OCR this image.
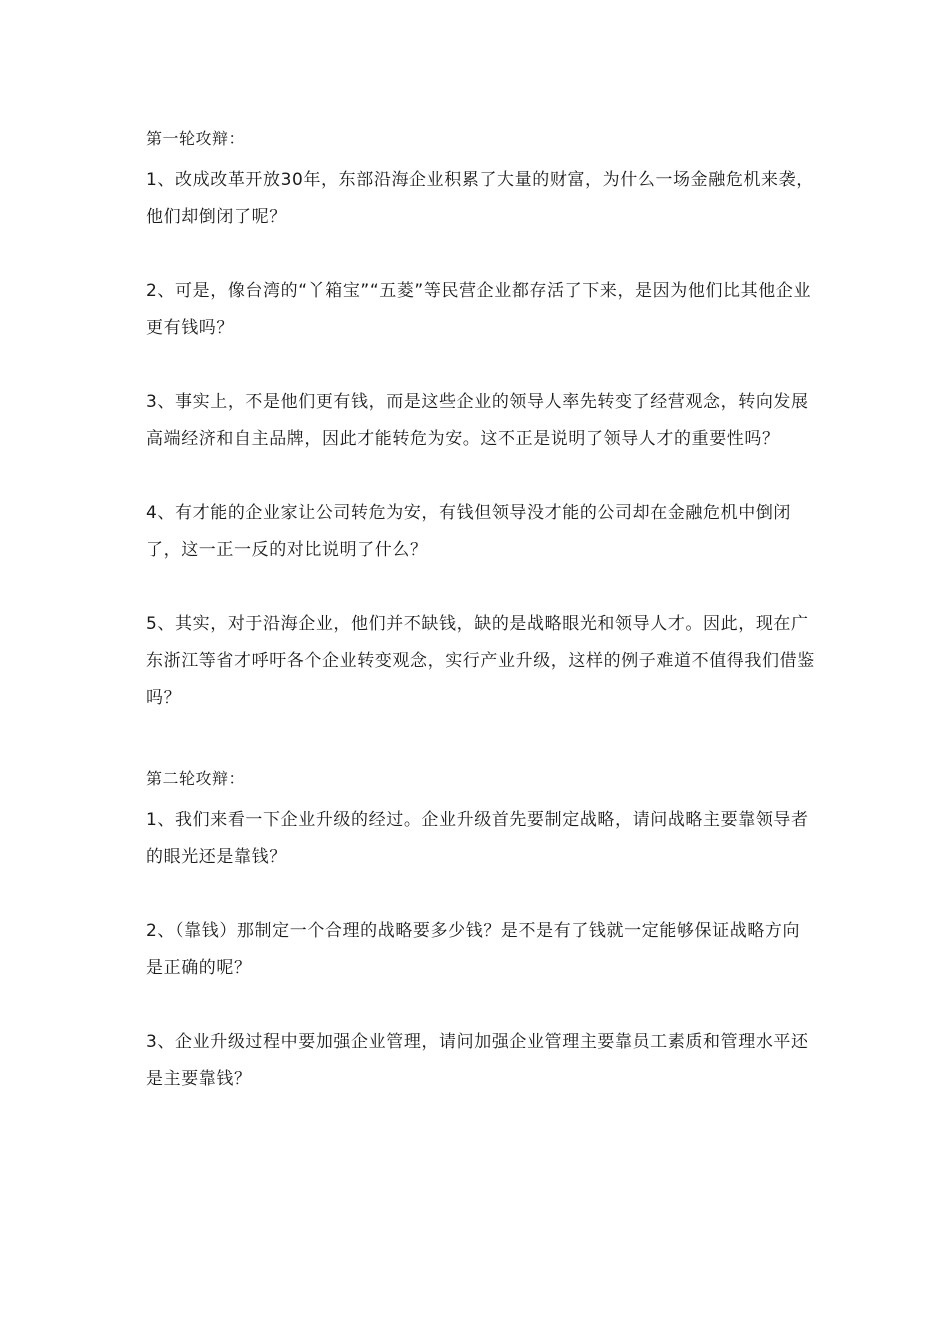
第一轮攻辩：

1、改成改革开放30年，东部沿海企业积累了大量的财富，为什么一场金融危机来袭，他们却倒闭了呢？

2、可是，像台湾的“丫箱宝”“五菱”等民营企业都存活了下来，是因为他们比其他企业更有钱吗？

3、事实上，不是他们更有钱，而是这些企业的领导人率先转变了经营观念，转向发展高端经济和自主品牌，因此才能转危为安。这不正是说明了领导人才的重要性吗？

4、有才能的企业家让公司转危为安，有钱但领导没才能的公司却在金融危机中倒闭了，这一正一反的对比说明了什么？

5、其实，对于沿海企业，他们并不缺钱，缺的是战略眼光和领导人才。因此，现在广东浙江等省才呼吁各个企业转变观念，实行产业升级，这样的例子难道不值得我们借鉴吗？

第二轮攻辩：

1、我们来看一下企业升级的经过。企业升级首先要制定战略，请问战略主要靠领导者的眼光还是靠钱？

2、（靠钱）那制定一个合理的战略要多少钱？是不是有了钱就一定能够保证战略方向是正确的呢？

3、企业升级过程中要加强企业管理，请问加强企业管理主要靠员工素质和管理水平还是主要靠钱？
